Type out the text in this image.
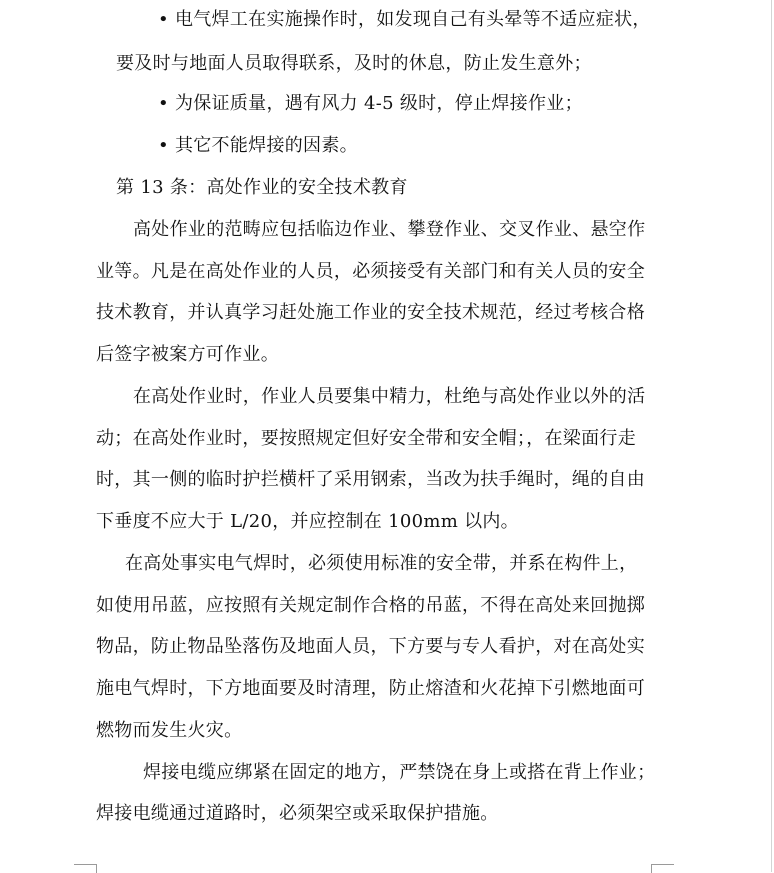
• 电气焊工在实施操作时，如发现自己有头晕等不适应症状，
要及时与地面人员取得联系，及时的休息，防止发生意外；
• 为保证质量，遇有风力 4-5 级时，停止焊接作业；
• 其它不能焊接的因素。
第 13 条：高处作业的安全技术教育
高处作业的范畴应包括临边作业、攀登作业、交叉作业、悬空作
业等。凡是在高处作业的人员，必须接受有关部门和有关人员的安全
技术教育，并认真学习赶处施工作业的安全技术规范，经过考核合格
后签字被案方可作业。
在高处作业时，作业人员要集中精力，杜绝与高处作业以外的活
动；在高处作业时，要按照规定但好安全带和安全帽；，在梁面行走
时，其一侧的临时护拦横杆了采用钢索，当改为扶手绳时，绳的自由
下垂度不应大于 L/20，并应控制在 100mm 以内。
在高处事实电气焊时，必须使用标准的安全带，并系在构件上，
如使用吊蓝，应按照有关规定制作合格的吊蓝，不得在高处来回抛掷
物品，防止物品坠落伤及地面人员，下方要与专人看护，对在高处实
施电气焊时，下方地面要及时清理，防止熔渣和火花掉下引燃地面可
燃物而发生火灾。
焊接电缆应绑紧在固定的地方，严禁饶在身上或搭在背上作业；
焊接电缆通过道路时，必须架空或采取保护措施。
